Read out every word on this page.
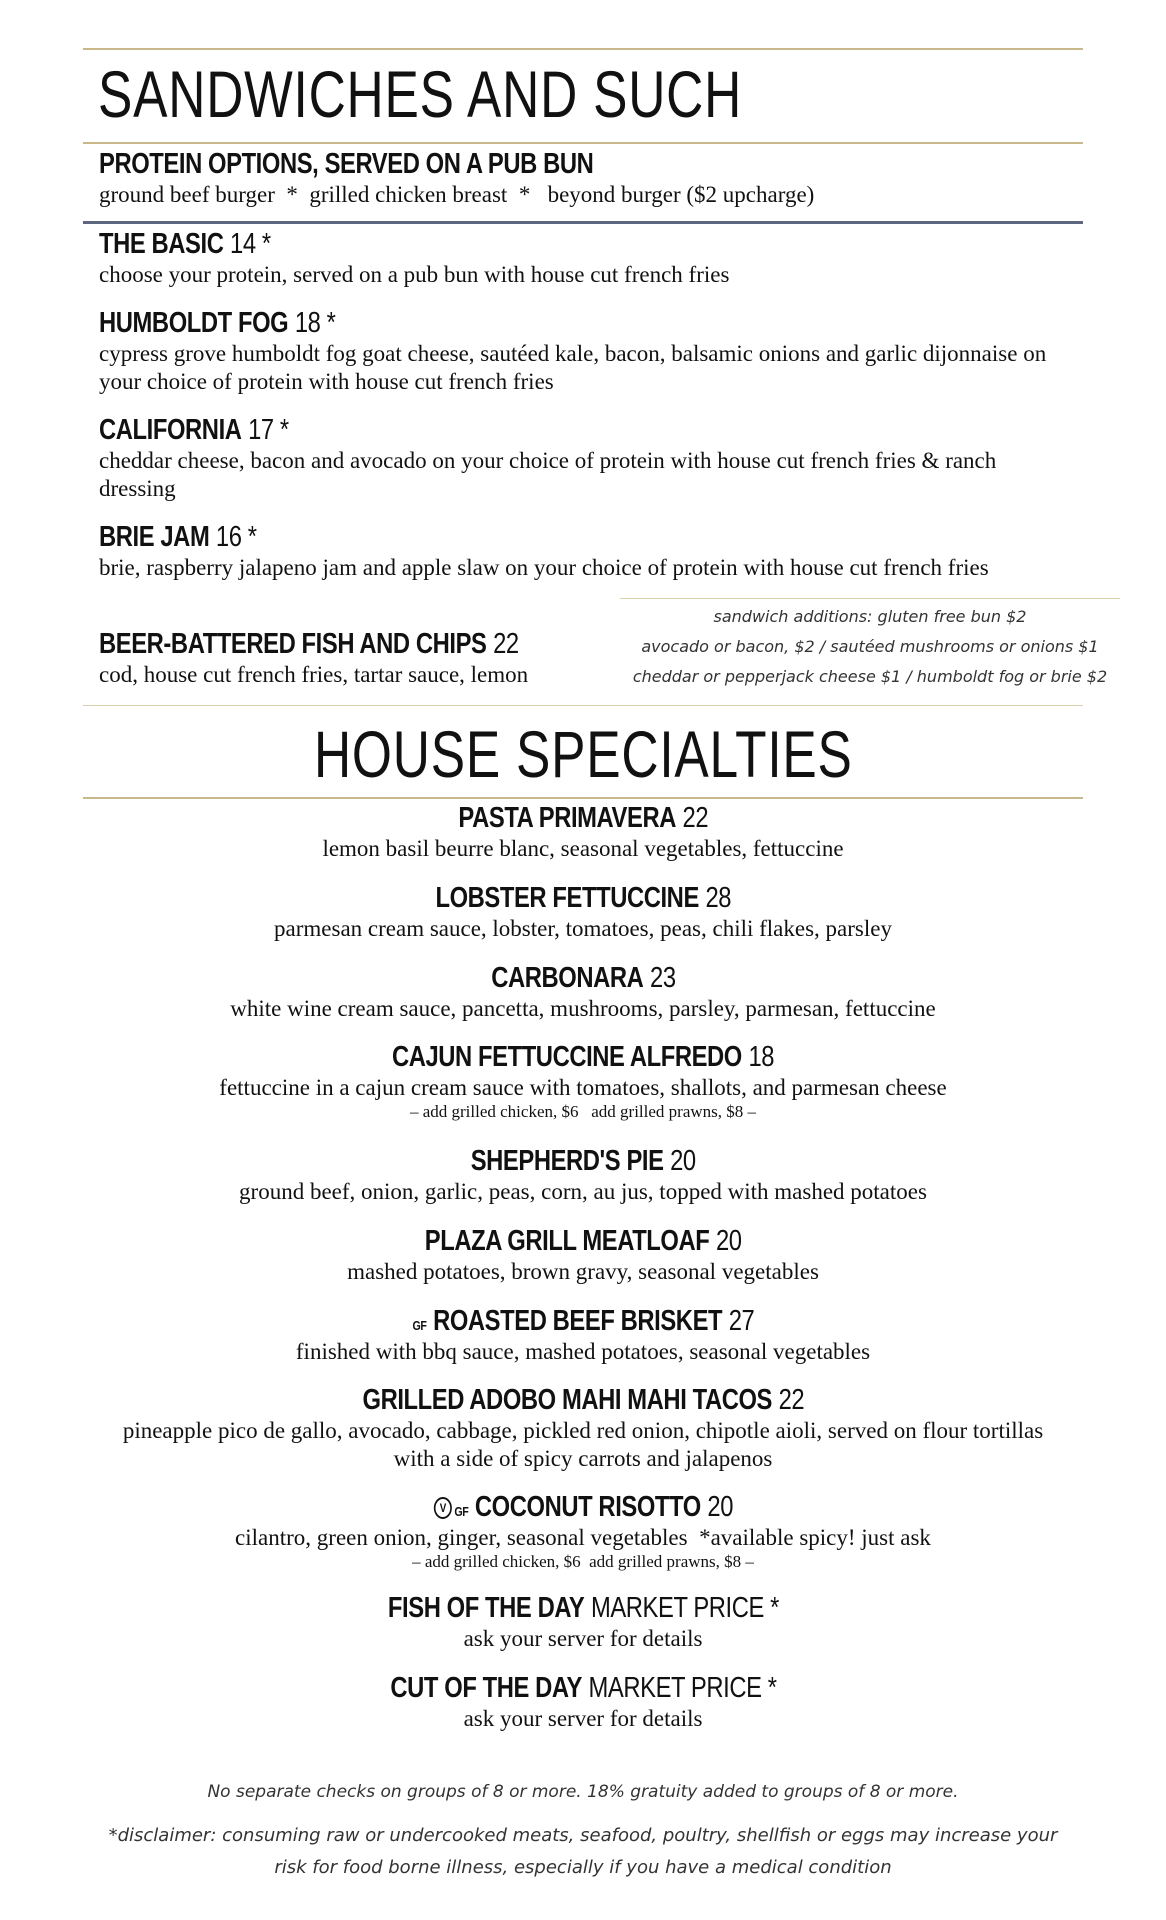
SANDWICHES AND SUCH
PROTEIN OPTIONS, SERVED ON A PUB BUN
ground beef burger  *  grilled chicken breast  *   beyond burger ($2 upcharge)
THE BASIC 14 *
choose your protein, served on a pub bun with house cut french fries
HUMBOLDT FOG 18 *
cypress grove humboldt fog goat cheese, sautéed kale, bacon, balsamic onions and garlic dijonnaise on your choice of protein with house cut french fries
CALIFORNIA 17 *
cheddar cheese, bacon and avocado on your choice of protein with house cut french fries & ranch dressing
BRIE JAM 16 *
brie, raspberry jalapeno jam and apple slaw on your choice of protein with house cut french fries
BEER-BATTERED FISH AND CHIPS 22
cod, house cut french fries, tartar sauce, lemon
sandwich additions: gluten free bun $2
avocado or bacon, $2 / sautéed mushrooms or onions $1
cheddar or pepperjack cheese $1 / humboldt fog or brie $2
HOUSE SPECIALTIES
PASTA PRIMAVERA 22
lemon basil beurre blanc, seasonal vegetables, fettuccine
LOBSTER FETTUCCINE 28
parmesan cream sauce, lobster, tomatoes, peas, chili flakes, parsley
CARBONARA 23
white wine cream sauce, pancetta, mushrooms, parsley, parmesan, fettuccine
CAJUN FETTUCCINE ALFREDO 18
fettuccine in a cajun cream sauce with tomatoes, shallots, and parmesan cheese
– add grilled chicken, $6   add grilled prawns, $8 –
SHEPHERD'S PIE 20
ground beef, onion, garlic, peas, corn, au jus, topped with mashed potatoes
PLAZA GRILL MEATLOAF 20
mashed potatoes, brown gravy, seasonal vegetables
GF ROASTED BEEF BRISKET 27
finished with bbq sauce, mashed potatoes, seasonal vegetables
GRILLED ADOBO MAHI MAHI TACOS 22
pineapple pico de gallo, avocado, cabbage, pickled red onion, chipotle aioli, served on flour tortillas with a side of spicy carrots and jalapenos
V GF COCONUT RISOTTO 20
cilantro, green onion, ginger, seasonal vegetables  *available spicy! just ask
– add grilled chicken, $6  add grilled prawns, $8 –
FISH OF THE DAY MARKET PRICE *
ask your server for details
CUT OF THE DAY MARKET PRICE *
ask your server for details
No separate checks on groups of 8 or more. 18% gratuity added to groups of 8 or more.
*disclaimer: consuming raw or undercooked meats, seafood, poultry, shellfish or eggs may increase your risk for food borne illness, especially if you have a medical condition
